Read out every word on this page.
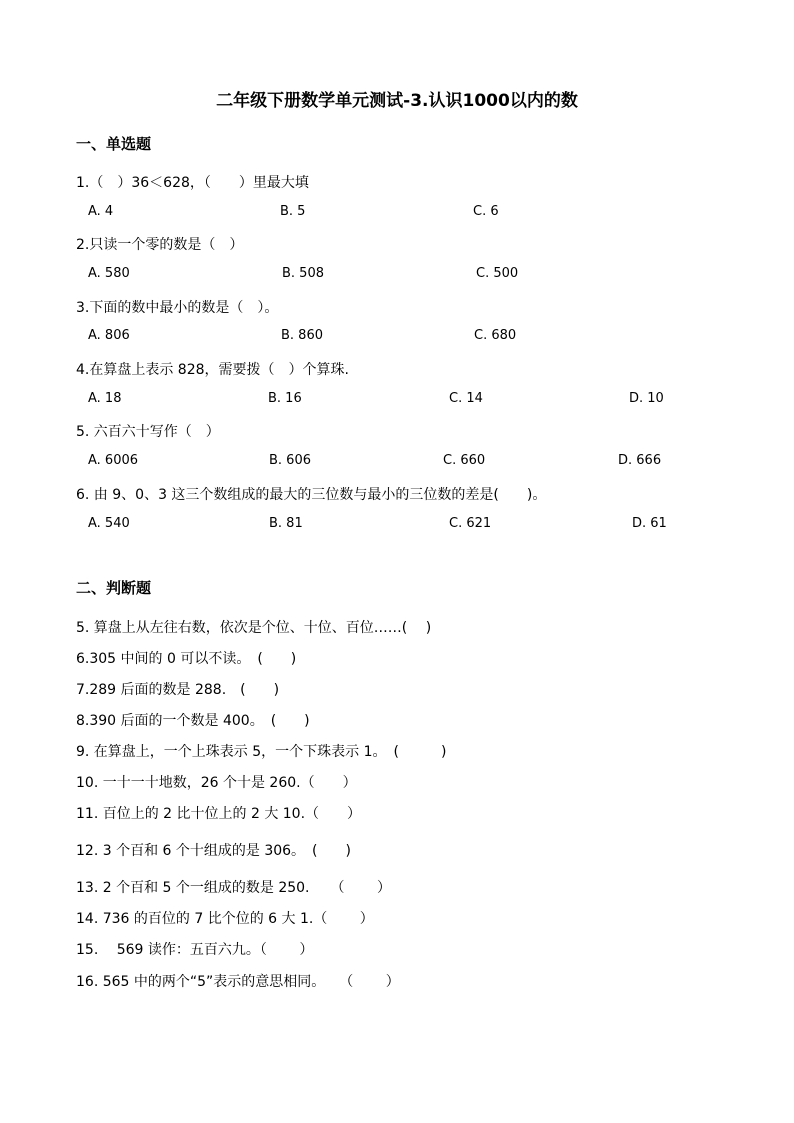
二年级下册数学单元测试-3.认识1000以内的数
一、单选题
1.（　）36＜628，（　　）里最大填
A. 4	B. 5	C. 6
2.只读一个零的数是（　）
A. 580	B. 508	C. 500
3.下面的数中最小的数是（　）。
A. 806	B. 860	C. 680
4.在算盘上表示 828，需要拨（　）个算珠.
A. 18	B. 16	C. 14	D. 10
5. 六百六十写作（　）
A. 6006	B. 606	C. 660	D. 666
6. 由 9、0、3 这三个数组成的最大的三位数与最小的三位数的差是(　　)。
A. 540	B. 81	C. 621	D. 61
二、判断题
5. 算盘上从左往右数，依次是个位、十位、百位……(　 )
6.305 中间的 0 可以不读。　(　　)
7.289 后面的数是 288.　(　　)
8.390 后面的一个数是 400。　(　　)
9. 在算盘上，一个上珠表示 5，一个下珠表示 1。　(　　　)
10. 一十一十地数，26 个十是 260.（　　）
11. 百位上的 2 比十位上的 2 大 10.（　　）
12. 3 个百和 6 个十组成的是 306。　(　　)
13. 2 个百和 5 个一组成的数是 250.　　（　　 ）
14. 736 的百位的 7 比个位的 6 大 1.（　　 ）
15. 　569 读作：五百六九。（　　 ）
16. 565 中的两个“5”表示的意思相同。　　（　　 ）
